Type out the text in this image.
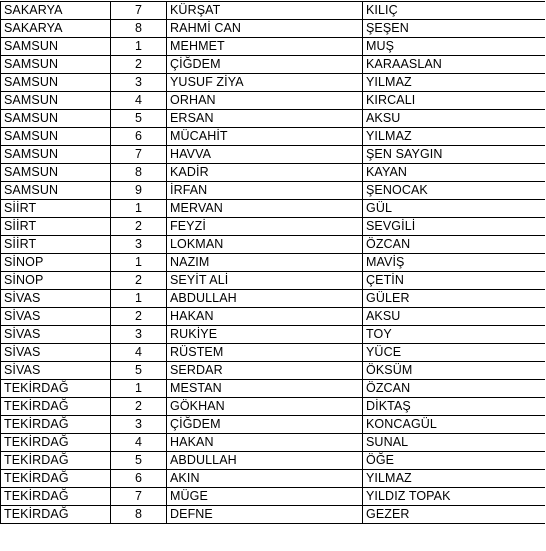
SAKARYA	7	KÜRŞAT	KILIÇ
SAKARYA	8	RAHMİ CAN	ŞEŞEN
SAMSUN	1	MEHMET	MUŞ
SAMSUN	2	ÇİĞDEM	KARAASLAN
SAMSUN	3	YUSUF ZİYA	YILMAZ
SAMSUN	4	ORHAN	KIRCALI
SAMSUN	5	ERSAN	AKSU
SAMSUN	6	MÜCAHİT	YILMAZ
SAMSUN	7	HAVVA	ŞEN SAYGIN
SAMSUN	8	KADİR	KAYAN
SAMSUN	9	İRFAN	ŞENOCAK
SİİRT	1	MERVAN	GÜL
SİİRT	2	FEYZİ	SEVGİLİ
SİİRT	3	LOKMAN	ÖZCAN
SİNOP	1	NAZIM	MAVİŞ
SİNOP	2	SEYİT ALİ	ÇETİN
SİVAS	1	ABDULLAH	GÜLER
SİVAS	2	HAKAN	AKSU
SİVAS	3	RUKİYE	TOY
SİVAS	4	RÜSTEM	YÜCE
SİVAS	5	SERDAR	ÖKSÜM
TEKİRDAĞ	1	MESTAN	ÖZCAN
TEKİRDAĞ	2	GÖKHAN	DİKTAŞ
TEKİRDAĞ	3	ÇİĞDEM	KONCAGÜL
TEKİRDAĞ	4	HAKAN	SUNAL
TEKİRDAĞ	5	ABDULLAH	ÖĞE
TEKİRDAĞ	6	AKIN	YILMAZ
TEKİRDAĞ	7	MÜGE	YILDIZ TOPAK
TEKİRDAĞ	8	DEFNE	GEZER
